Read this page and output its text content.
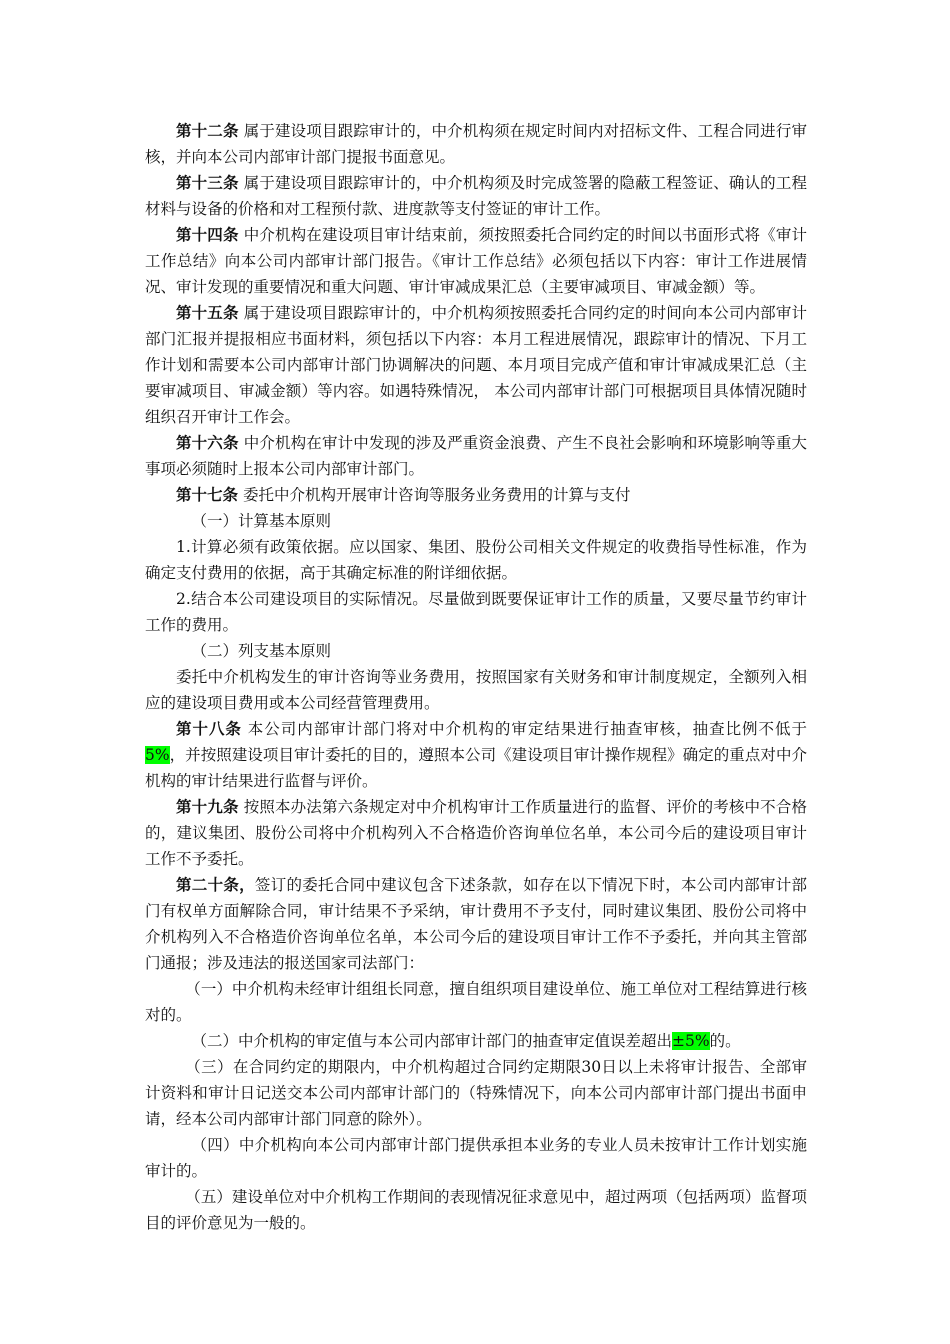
第十二条 属于建设项目跟踪审计的，中介机构须在规定时间内对招标文件、工程合同进行审核，并向本公司内部审计部门提报书面意见。

第十三条 属于建设项目跟踪审计的，中介机构须及时完成签署的隐蔽工程签证、确认的工程材料与设备的价格和对工程预付款、进度款等支付签证的审计工作。

第十四条 中介机构在建设项目审计结束前，须按照委托合同约定的时间以书面形式将《审计工作总结》向本公司内部审计部门报告。《审计工作总结》必须包括以下内容：审计工作进展情况、审计发现的重要情况和重大问题、审计审减成果汇总（主要审减项目、审减金额）等。

第十五条 属于建设项目跟踪审计的，中介机构须按照委托合同约定的时间向本公司内部审计部门汇报并提报相应书面材料，须包括以下内容：本月工程进展情况，跟踪审计的情况、下月工作计划和需要本公司内部审计部门协调解决的问题、本月项目完成产值和审计审减成果汇总（主要审减项目、审减金额）等内容。如遇特殊情况， 本公司内部审计部门可根据项目具体情况随时组织召开审计工作会。

第十六条 中介机构在审计中发现的涉及严重资金浪费、产生不良社会影响和环境影响等重大事项必须随时上报本公司内部审计部门。

第十七条 委托中介机构开展审计咨询等服务业务费用的计算与支付

（一）计算基本原则

1.计算必须有政策依据。应以国家、集团、股份公司相关文件规定的收费指导性标准，作为确定支付费用的依据，高于其确定标准的附详细依据。

2.结合本公司建设项目的实际情况。尽量做到既要保证审计工作的质量，又要尽量节约审计工作的费用。

（二）列支基本原则

委托中介机构发生的审计咨询等业务费用，按照国家有关财务和审计制度规定，全额列入相应的建设项目费用或本公司经营管理费用。

第十八条 本公司内部审计部门将对中介机构的审定结果进行抽查审核，抽查比例不低于5%，并按照建设项目审计委托的目的，遵照本公司《建设项目审计操作规程》确定的重点对中介机构的审计结果进行监督与评价。

第十九条 按照本办法第六条规定对中介机构审计工作质量进行的监督、评价的考核中不合格的，建议集团、股份公司将中介机构列入不合格造价咨询单位名单，本公司今后的建设项目审计工作不予委托。

第二十条，签订的委托合同中建议包含下述条款，如存在以下情况下时，本公司内部审计部门有权单方面解除合同，审计结果不予采纳，审计费用不予支付，同时建议集团、股份公司将中介机构列入不合格造价咨询单位名单，本公司今后的建设项目审计工作不予委托，并向其主管部门通报；涉及违法的报送国家司法部门：

（一）中介机构未经审计组组长同意，擅自组织项目建设单位、施工单位对工程结算进行核对的。

（二）中介机构的审定值与本公司内部审计部门的抽查审定值误差超出±5%的。

（三）在合同约定的期限内，中介机构超过合同约定期限30日以上未将审计报告、全部审计资料和审计日记送交本公司内部审计部门的（特殊情况下，向本公司内部审计部门提出书面申请，经本公司内部审计部门同意的除外）。

（四）中介机构向本公司内部审计部门提供承担本业务的专业人员未按审计工作计划实施审计的。

（五）建设单位对中介机构工作期间的表现情况征求意见中，超过两项（包括两项）监督项目的评价意见为一般的。
